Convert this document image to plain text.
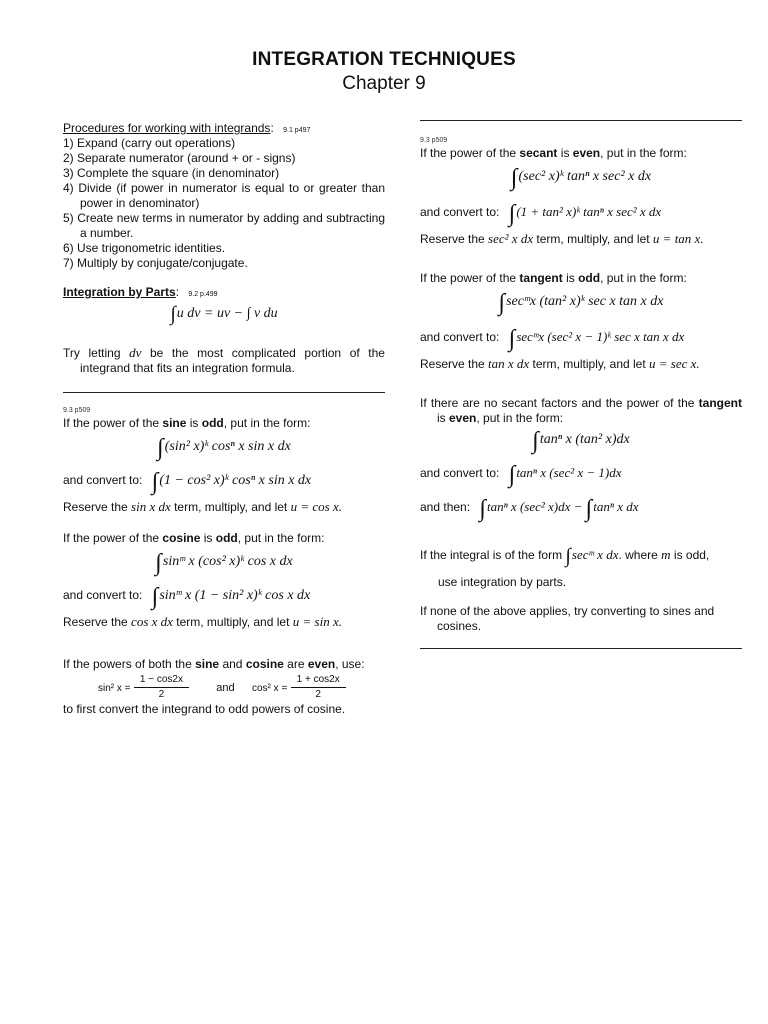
INTEGRATION TECHNIQUES
Chapter 9

Procedures for working with integrands: 9.1 p497

1) Expand (carry out operations)

2) Separate numerator (around + or - signs)

3) Complete the square (in denominator)

4) Divide (if power in numerator is equal to or greater than power in denominator)

5) Create new terms in numerator by adding and subtracting a number.

6) Use trigonometric identities.

7) Multiply by conjugate/conjugate.

Integration by Parts: 9.2 p.499

∫u dv = uv − ∫ v du

Try letting dv be the most complicated portion of the integrand that fits an integration formula.

9.3 p509

If the power of the sine is odd, put in the form:

∫(sin² x)ᵏ cosⁿ x sin x dx

and convert to: ∫(1 − cos² x)ᵏ cosⁿ x sin x dx

Reserve the sin x dx term, multiply, and let u = cos x.

If the power of the cosine is odd, put in the form:

∫sinᵐ x (cos² x)ᵏ cos x dx

and convert to: ∫sinᵐ x (1 − sin² x)ᵏ cos x dx

Reserve the cos x dx term, multiply, and let u = sin x.

If the powers of both the sine and cosine are even, use:

sin² $x = \frac{1 - \cos 2x}{2}$ and cos² $x = \frac{1 + \cos 2x}{2}$

to first convert the integrand to odd powers of cosine.

9.3 p509

If the power of the secant is even, put in the form:

∫(sec² x)ᵏ tanⁿ x sec² x dx

and convert to: ∫(1 + tan² x)ᵏ tanⁿ x sec² x dx

Reserve the sec² x dx term, multiply, and let u = tan x.

If the power of the tangent is odd, put in the form:

∫secᵐx (tan² x)ᵏ sec x tan x dx

and convert to: ∫secᵐx (sec² x − 1)ᵏ sec x tan x dx

Reserve the tan x dx term, multiply, and let u = sec x.

If there are no secant factors and the power of the tangent is even, put in the form:

∫tanⁿ x (tan² x)dx

and convert to: ∫tanⁿ x (sec² x − 1)dx

and then: ∫tanⁿ x (sec² x)dx − ∫tanⁿ x dx

If the integral is of the form ∫secᵐ x dx. where m is odd,

use integration by parts.

If none of the above applies, try converting to sines and cosines.
